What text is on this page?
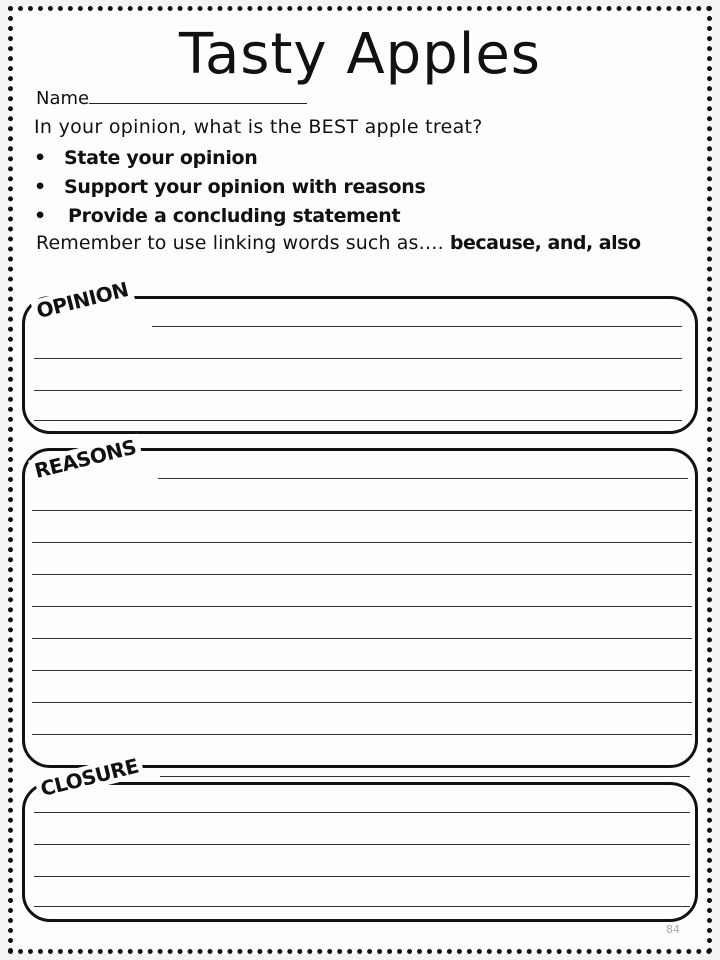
Tasty Apples
Name
In your opinion, what is the BEST apple treat?
• State your opinion
• Support your opinion with reasons
• Provide a concluding statement
Remember to use linking words such as…. because, and, also
OPINION
REASONS
CLOSURE
84
